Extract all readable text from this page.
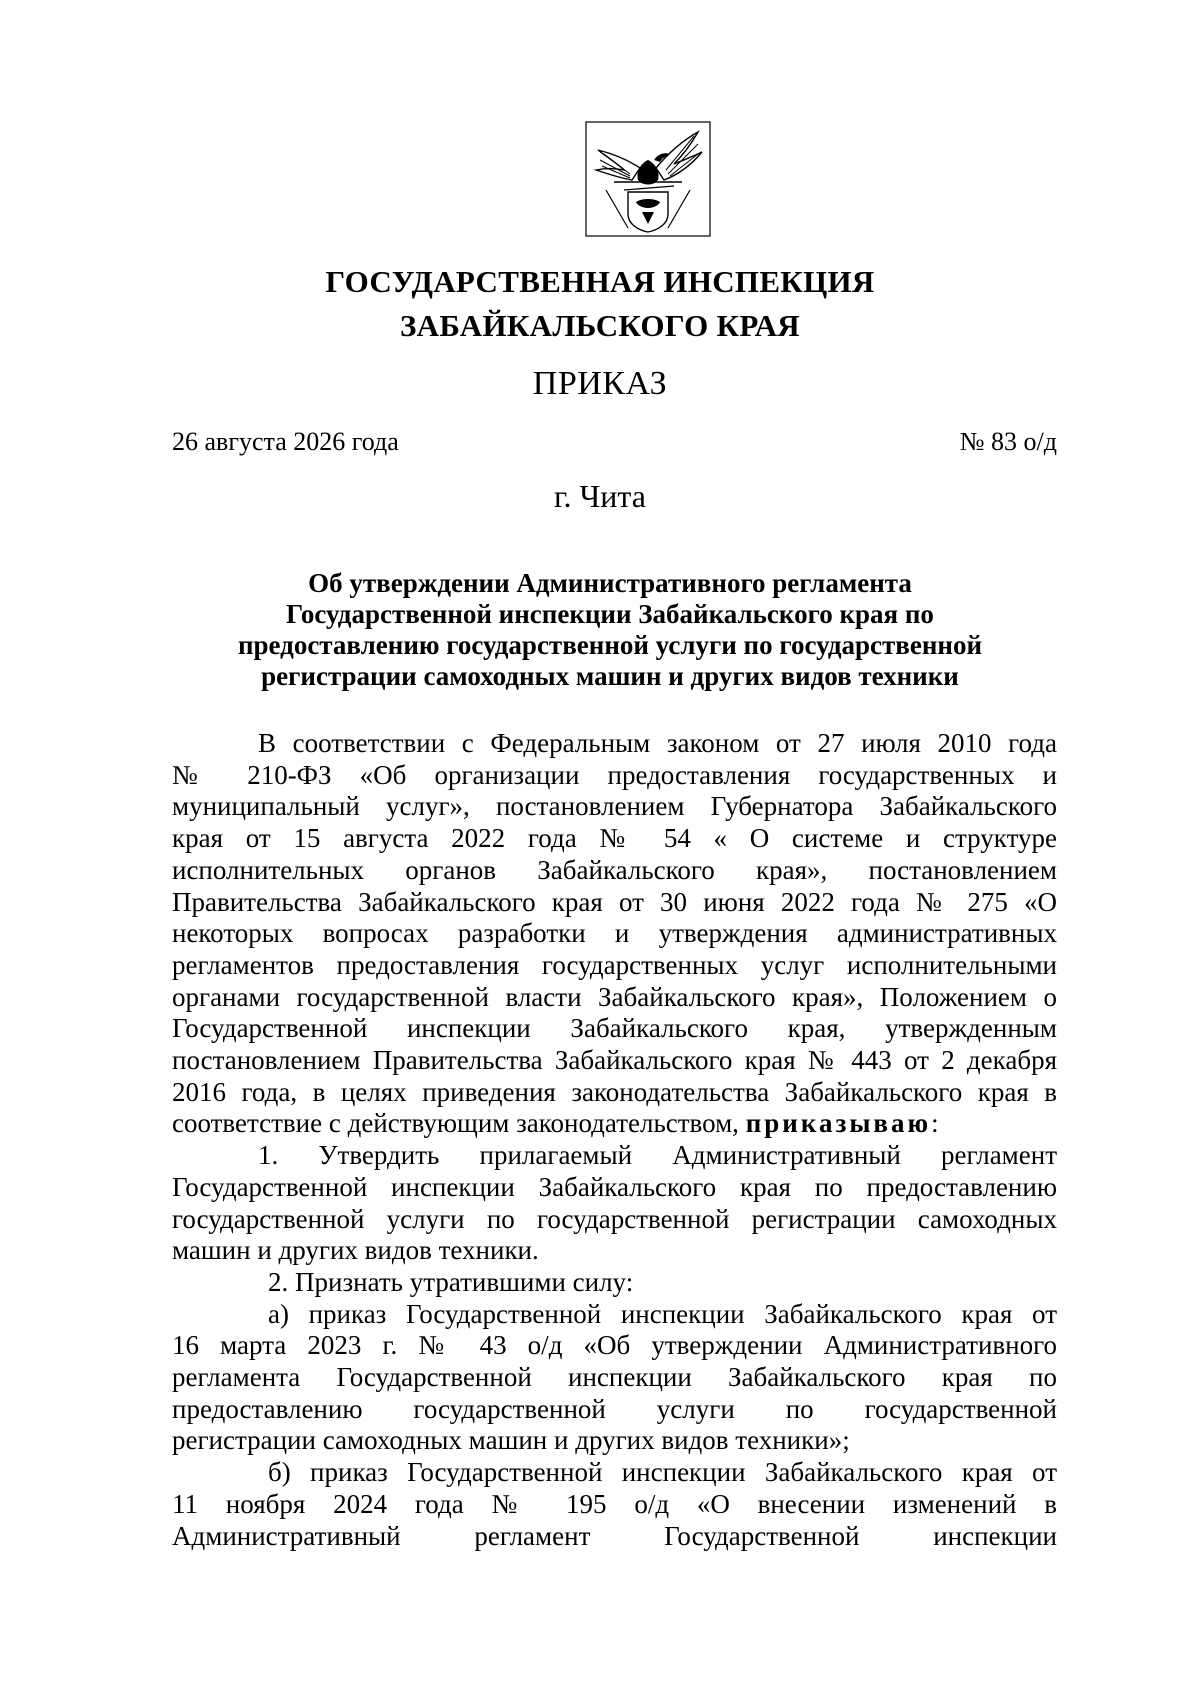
ГОСУДАРСТВЕННАЯ ИНСПЕКЦИЯ
ЗАБАЙКАЛЬСКОГО КРАЯ
ПРИКАЗ
26 августа 2026 года	№ 83 о/д
г. Чита
Об утверждении Административного регламента
Государственной инспекции Забайкальского края по
предоставлению государственной услуги по государственной
регистрации самоходных машин и других видов техники
В соответствии с Федеральным законом от 27 июля 2010 года
№ 210-ФЗ «Об организации предоставления государственных и
муниципальный услуг», постановлением Губернатора Забайкальского
края от 15 августа 2022 года № 54 « О системе и структуре
исполнительных органов Забайкальского края», постановлением
Правительства Забайкальского края от 30 июня 2022 года № 275 «О
некоторых вопросах разработки и утверждения административных
регламентов предоставления государственных услуг исполнительными
органами государственной власти Забайкальского края», Положением о
Государственной инспекции Забайкальского края, утвержденным
постановлением Правительства Забайкальского края № 443 от 2 декабря
2016 года, в целях приведения законодательства Забайкальского края в
соответствие с действующим законодательством, приказываю:
1. Утвердить прилагаемый Административный регламент
Государственной инспекции Забайкальского края по предоставлению
государственной услуги по государственной регистрации самоходных
машин и других видов техники.
2. Признать утратившими силу:
а) приказ Государственной инспекции Забайкальского края от
16 марта 2023 г. № 43 о/д «Об утверждении Административного
регламента Государственной инспекции Забайкальского края по
предоставлению государственной услуги по государственной
регистрации самоходных машин и других видов техники»;
б) приказ Государственной инспекции Забайкальского края от
11 ноября 2024 года № 195 о/д «О внесении изменений в
Административный регламент Государственной инспекции
